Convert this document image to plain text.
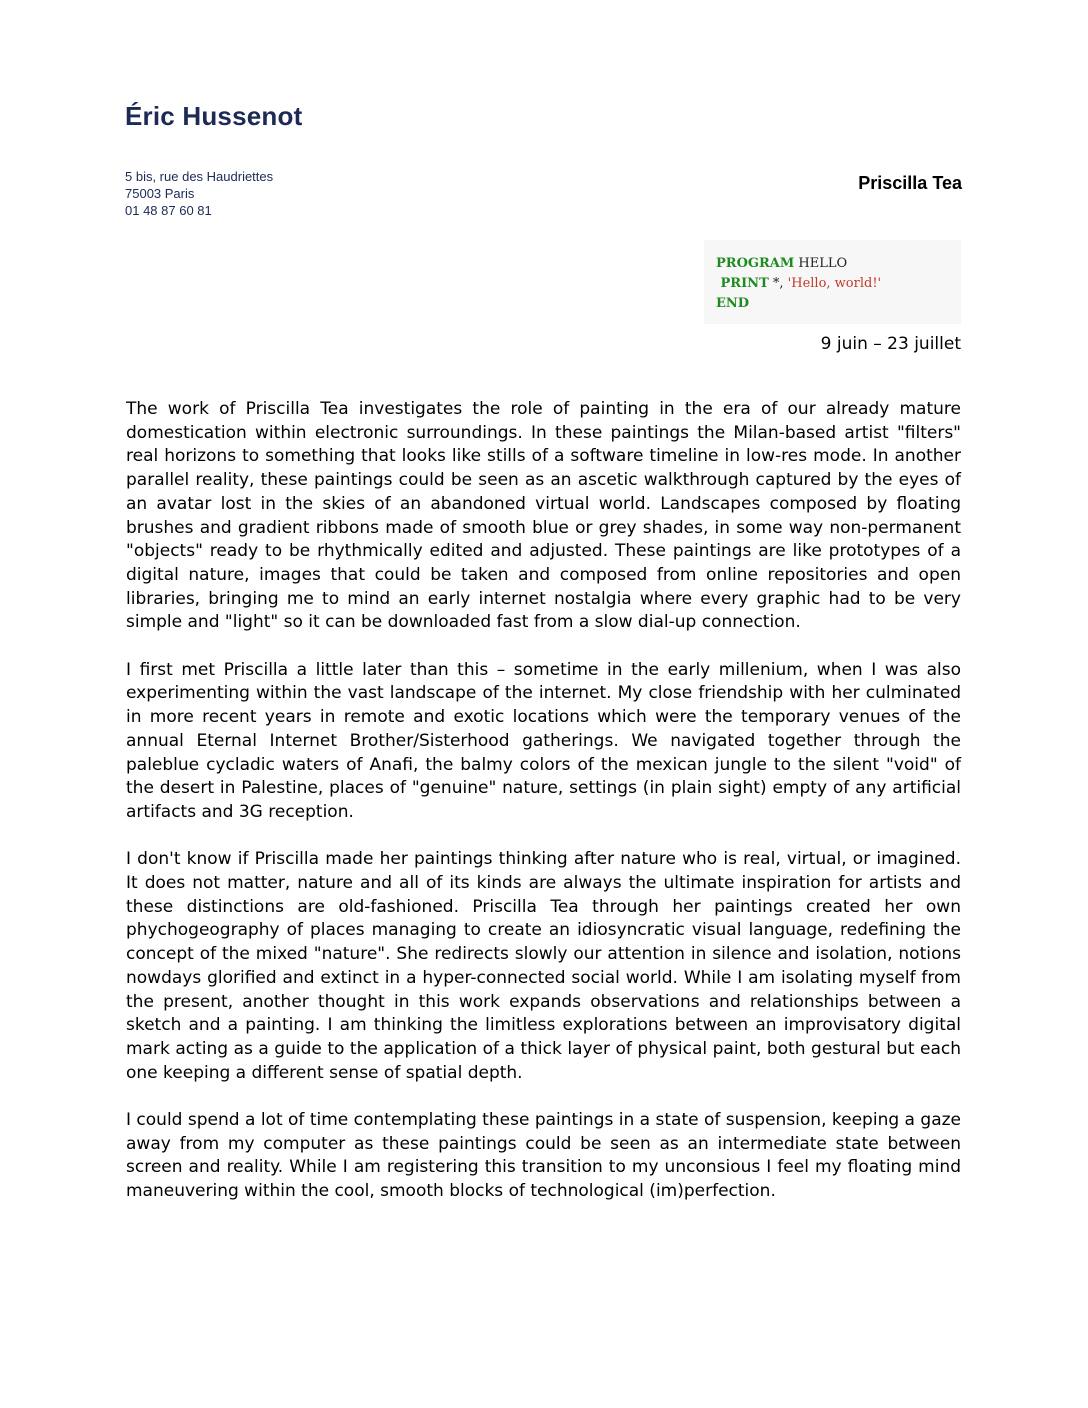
Éric Hussenot
5 bis, rue des Haudriettes
75003 Paris
01 48 87 60 81
Priscilla Tea
PROGRAM HELLO
PRINT *, 'Hello, world!'
END
9 juin – 23 juillet

The work of Priscilla Tea investigates the role of painting in the era of our already mature domestication within electronic surroundings. In these paintings the Milan-based artist "filters" real horizons to something that looks like stills of a software timeline in low-res mode. In another parallel reality, these paintings could be seen as an ascetic walkthrough captured by the eyes of an avatar lost in the skies of an abandoned virtual world. Landscapes composed by floating brushes and gradient ribbons made of smooth blue or grey shades, in some way non-permanent "objects" ready to be rhythmically edited and adjusted. These paintings are like prototypes of a digital nature, images that could be taken and composed from online repositories and open libraries, bringing me to mind an early internet nostalgia where every graphic had to be very simple and "light" so it can be downloaded fast from a slow dial-up connection.

I first met Priscilla a little later than this – sometime in the early millenium, when I was also experimenting within the vast landscape of the internet. My close friendship with her culminated in more recent years in remote and exotic locations which were the temporary venues of the annual Eternal Internet Brother/Sisterhood gatherings. We navigated together through the paleblue cycladic waters of Anafi, the balmy colors of the mexican jungle to the silent "void" of the desert in Palestine, places of "genuine" nature, settings (in plain sight) empty of any artificial artifacts and 3G reception.

I don't know if Priscilla made her paintings thinking after nature who is real, virtual, or imagined. It does not matter, nature and all of its kinds are always the ultimate inspiration for artists and these distinctions are old-fashioned. Priscilla Tea through her paintings created her own phychogeography of places managing to create an idiosyncratic visual language, redefining the concept of the mixed "nature". She redirects slowly our attention in silence and isolation, notions nowdays glorified and extinct in a hyper-connected social world. While I am isolating myself from the present, another thought in this work expands observations and relationships between a sketch and a painting. I am thinking the limitless explorations between an improvisatory digital mark acting as a guide to the application of a thick layer of physical paint, both gestural but each one keeping a different sense of spatial depth.

I could spend a lot of time contemplating these paintings in a state of suspension, keeping a gaze away from my computer as these paintings could be seen as an intermediate state between screen and reality. While I am registering this transition to my unconsious I feel my floating mind maneuvering within the cool, smooth blocks of technological (im)perfection.
